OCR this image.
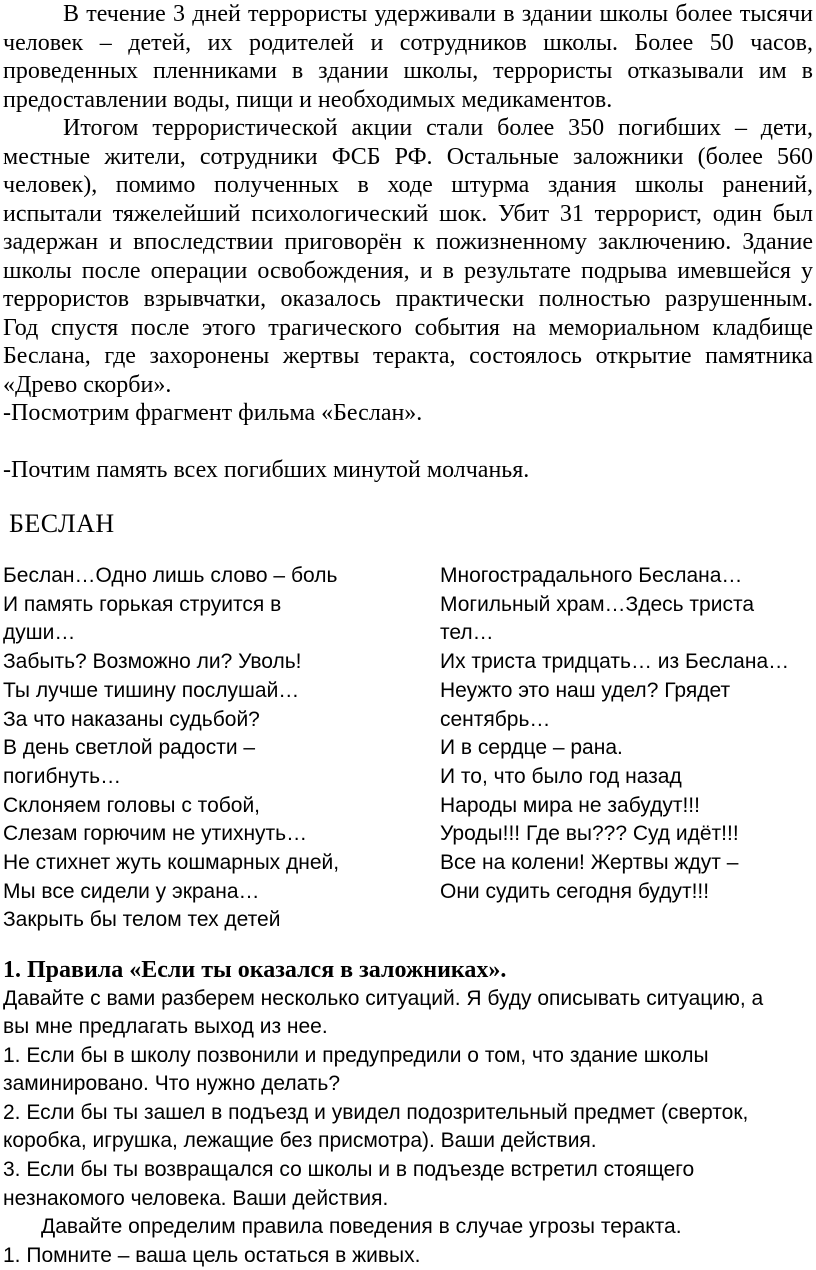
В течение 3 дней террористы удерживали в здании школы более тысячи

человек – детей, их родителей и сотрудников школы. Более 50 часов,

проведенных пленниками в здании школы, террористы отказывали им в

предоставлении воды, пищи и необходимых медикаментов.

Итогом террористической акции стали более 350 погибших – дети,

местные жители, сотрудники ФСБ РФ. Остальные заложники (более 560

человек), помимо полученных в ходе штурма здания школы ранений,

испытали тяжелейший психологический шок. Убит 31 террорист, один был

задержан и впоследствии приговорён к пожизненному заключению. Здание

школы после операции освобождения, и в результате подрыва имевшейся у

террористов взрывчатки, оказалось практически полностью разрушенным.

Год спустя после этого трагического события на мемориальном кладбище

Беслана, где захоронены жертвы теракта, состоялось открытие памятника

«Древо скорби».

-Посмотрим фрагмент фильма «Беслан».

-Почтим память всех погибших минутой молчанья.

БЕСЛАН

Беслан…Одно лишь слово – боль

И память горькая струится в

души…

Забыть? Возможно ли? Уволь!

Ты лучше тишину послушай…

За что наказаны судьбой?

В день светлой радости –

погибнуть…

Склоняем головы с тобой,

Слезам горючим не утихнуть…

Не стихнет жуть кошмарных дней,

Мы все сидели у экрана…

Закрыть бы телом тех детей

Многострадального Беслана…

Могильный храм…Здесь триста

тел…

Их триста тридцать… из Беслана…

Неужто это наш удел? Грядет

сентябрь…

И в сердце – рана.

И то, что было год назад

Народы мира не забудут!!!

Уроды!!! Где вы??? Суд идёт!!!

Все на колени! Жертвы ждут –

Они судить сегодня будут!!!

1. Правила «Если ты оказался в заложниках».

Давайте с вами разберем несколько ситуаций. Я буду описывать ситуацию, а

вы мне предлагать выход из нее.

1. Если бы в школу позвонили и предупредили о том, что здание школы

заминировано. Что нужно делать?

2. Если бы ты зашел в подъезд и увидел подозрительный предмет (сверток,

коробка, игрушка, лежащие без присмотра). Ваши действия.

3. Если бы ты возвращался со школы и в подъезде встретил стоящего

незнакомого человека. Ваши действия.

Давайте определим правила поведения в случае угрозы теракта.

1. Помните – ваша цель остаться в живых.
